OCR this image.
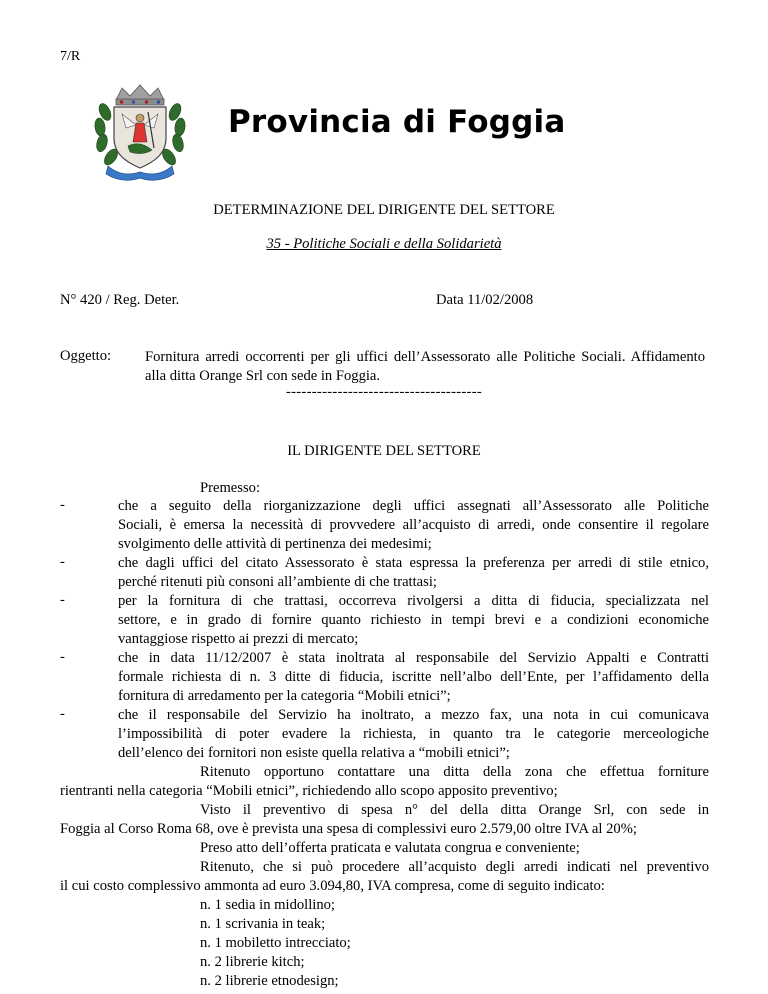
7/R
Provincia di Foggia
DETERMINAZIONE DEL DIRIGENTE DEL SETTORE
35 - Politiche Sociali e della Solidarietà
N° 420 / Reg. Deter.	Data 11/02/2008
Oggetto: Fornitura arredi occorrenti per gli uffici dell’Assessorato alle Politiche Sociali. Affidamento alla ditta Orange Srl con sede in Foggia.
--------------------------------------
IL DIRIGENTE DEL SETTORE
Premesso:
-	che a seguito della riorganizzazione degli uffici assegnati all’Assessorato alle Politiche
Sociali, è emersa la necessità di provvedere all’acquisto di arredi, onde consentire il regolare
svolgimento delle attività di pertinenza dei medesimi;
-	che dagli uffici del citato Assessorato è stata espressa la preferenza per arredi di stile etnico,
perché ritenuti più consoni all’ambiente di che trattasi;
-	per la fornitura di che trattasi, occorreva rivolgersi a ditta di fiducia, specializzata nel
settore, e in grado di fornire quanto richiesto in tempi brevi e a condizioni economiche
vantaggiose rispetto ai prezzi di mercato;
-	che in data 11/12/2007 è stata inoltrata al responsabile del Servizio Appalti e Contratti
formale richiesta di n. 3 ditte di fiducia, iscritte nell’albo dell’Ente, per l’affidamento della
fornitura di arredamento per la categoria “Mobili etnici”;
-	che il responsabile del Servizio ha inoltrato, a mezzo fax, una nota in cui comunicava
l’impossibilità di poter evadere la richiesta, in quanto tra le categorie merceologiche
dell’elenco dei fornitori non esiste quella relativa a “mobili etnici”;
Ritenuto opportuno contattare una ditta della zona che effettua forniture
rientranti nella categoria “Mobili etnici”, richiedendo allo scopo apposito preventivo;
Visto il preventivo di spesa n° del della ditta Orange Srl, con sede in
Foggia al Corso Roma 68, ove è prevista una spesa di complessivi euro 2.579,00 oltre IVA al 20%;
Preso atto dell’offerta praticata e valutata congrua e conveniente;
Ritenuto, che si può procedere all’acquisto degli arredi indicati nel preventivo
il cui costo complessivo ammonta ad euro 3.094,80, IVA compresa, come di seguito indicato:
n. 1 sedia in midollino;
n. 1 scrivania in teak;
n. 1 mobiletto intrecciato;
n. 2 librerie kitch;
n. 2 librerie etnodesign;
